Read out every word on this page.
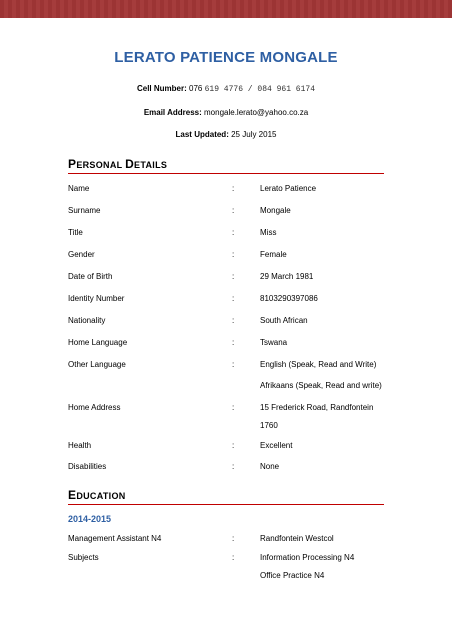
LERATO PATIENCE MONGALE
Cell Number: 076 619 4776 / 084 961 6174
Email Address: mongale.lerato@yahoo.co.za
Last Updated: 25 July 2015
PERSONAL DETAILS
Name	:	Lerato Patience
Surname	:	Mongale
Title	:	Miss
Gender	:	Female
Date of Birth	:	29 March 1981
Identity Number	:	8103290397086
Nationality	:	South African
Home Language	:	Tswana
Other Language	:	English (Speak, Read and Write)
Afrikaans (Speak, Read and write)
Home Address	:	15 Frederick Road, Randfontein
1760
Health	:	Excellent
Disabilities	:	None
EDUCATION
2014-2015
Management Assistant N4	:	Randfontein Westcol
Subjects	:	Information Processing N4
Office Practice N4
